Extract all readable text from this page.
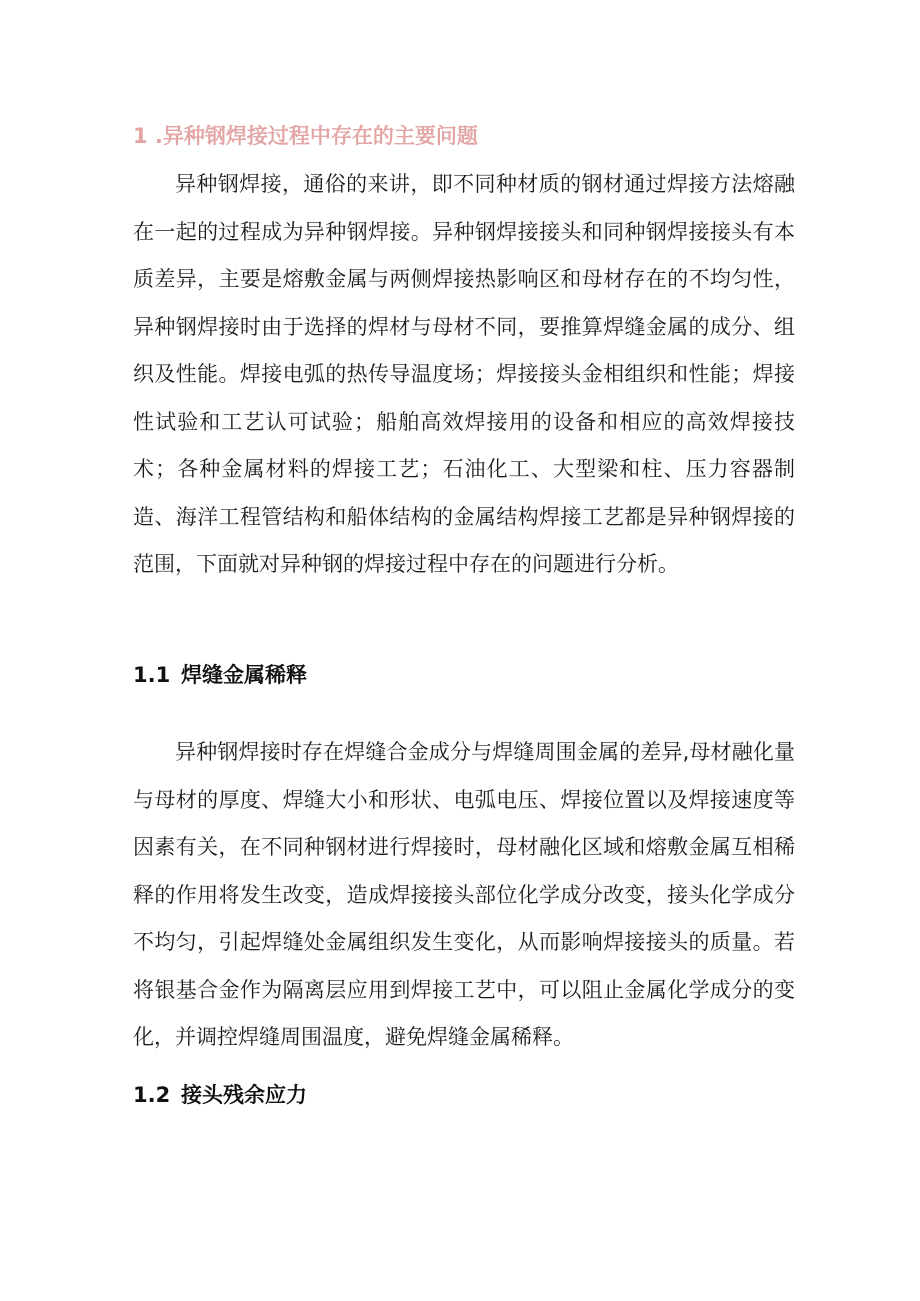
1 .异种钢焊接过程中存在的主要问题

异种钢焊接，通俗的来讲，即不同种材质的钢材通过焊接方法熔融在一起的过程成为异种钢焊接。异种钢焊接接头和同种钢焊接接头有本质差异，主要是熔敷金属与两侧焊接热影响区和母材存在的不均匀性，异种钢焊接时由于选择的焊材与母材不同，要推算焊缝金属的成分、组织及性能。焊接电弧的热传导温度场；焊接接头金相组织和性能；焊接性试验和工艺认可试验；船舶高效焊接用的设备和相应的高效焊接技术；各种金属材料的焊接工艺；石油化工、大型梁和柱、压力容器制造、海洋工程管结构和船体结构的金属结构焊接工艺都是异种钢焊接的范围，下面就对异种钢的焊接过程中存在的问题进行分析。

1.1 焊缝金属稀释

异种钢焊接时存在焊缝合金成分与焊缝周围金属的差异,母材融化量与母材的厚度、焊缝大小和形状、电弧电压、焊接位置以及焊接速度等因素有关，在不同种钢材进行焊接时，母材融化区域和熔敷金属互相稀释的作用将发生改变，造成焊接接头部位化学成分改变，接头化学成分不均匀，引起焊缝处金属组织发生变化，从而影响焊接接头的质量。若将银基合金作为隔离层应用到焊接工艺中，可以阻止金属化学成分的变化，并调控焊缝周围温度，避免焊缝金属稀释。

1.2 接头残余应力
